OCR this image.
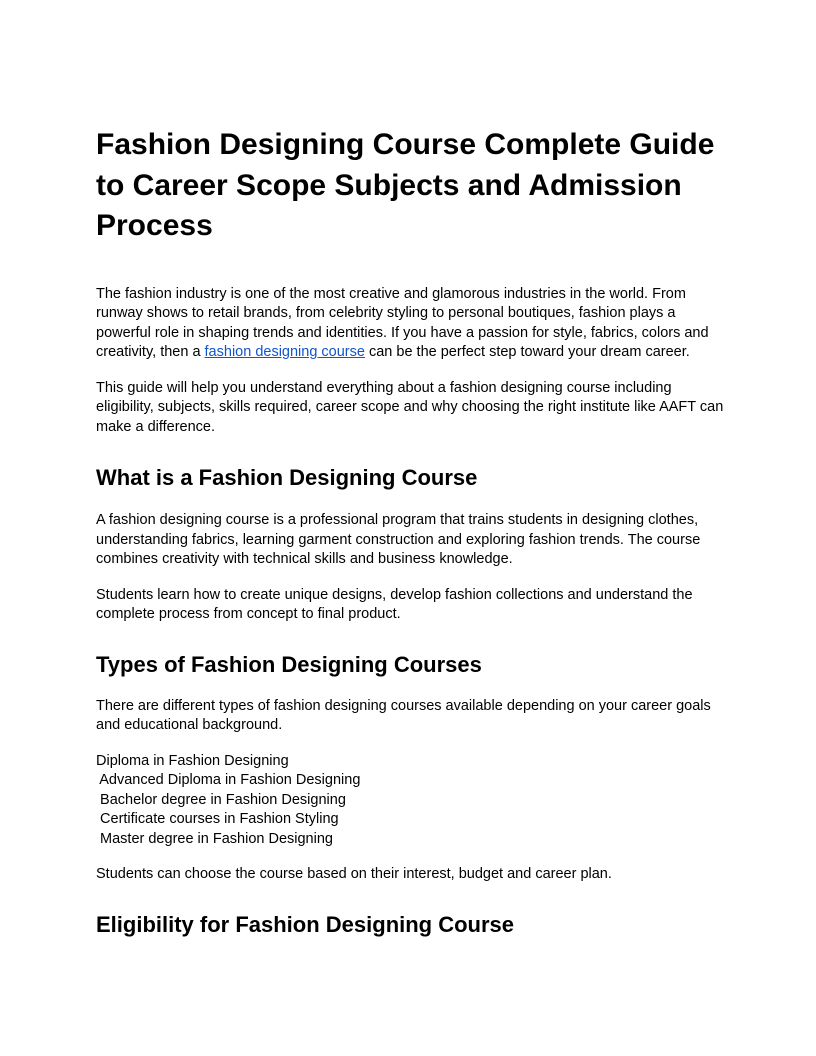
Fashion Designing Course Complete Guide to Career Scope Subjects and Admission Process

The fashion industry is one of the most creative and glamorous industries in the world. From runway shows to retail brands, from celebrity styling to personal boutiques, fashion plays a powerful role in shaping trends and identities. If you have a passion for style, fabrics, colors and creativity, then a fashion designing course can be the perfect step toward your dream career.

This guide will help you understand everything about a fashion designing course including eligibility, subjects, skills required, career scope and why choosing the right institute like AAFT can make a difference.

What is a Fashion Designing Course

A fashion designing course is a professional program that trains students in designing clothes, understanding fabrics, learning garment construction and exploring fashion trends. The course combines creativity with technical skills and business knowledge.

Students learn how to create unique designs, develop fashion collections and understand the complete process from concept to final product.

Types of Fashion Designing Courses

There are different types of fashion designing courses available depending on your career goals and educational background.

Diploma in Fashion Designing
Advanced Diploma in Fashion Designing
Bachelor degree in Fashion Designing
Certificate courses in Fashion Styling
Master degree in Fashion Designing

Students can choose the course based on their interest, budget and career plan.

Eligibility for Fashion Designing Course
